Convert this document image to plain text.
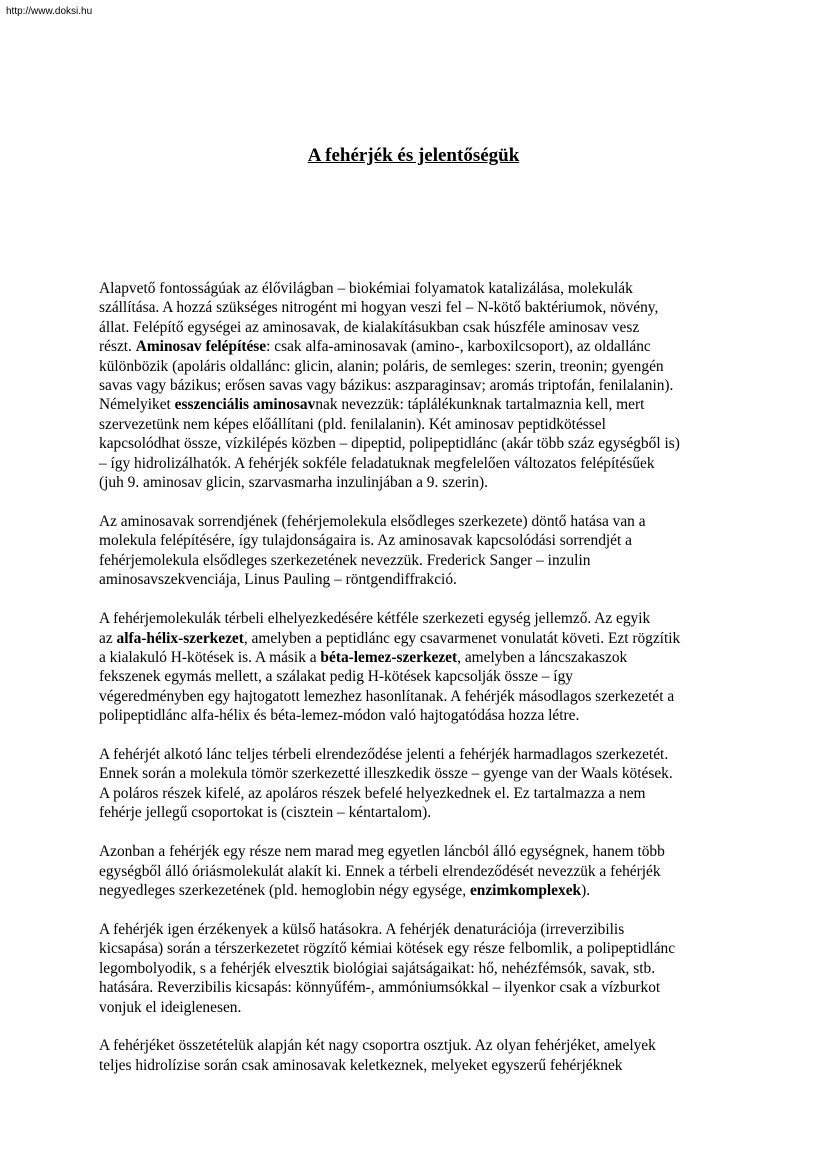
http://www.doksi.hu
A fehérjék és jelentőségük

Alapvető fontosságúak az élővilágban – biokémiai folyamatok katalizálása, molekulák
szállítása. A hozzá szükséges nitrogént mi hogyan veszi fel – N-kötő baktériumok, növény,
állat. Felépítő egységei az aminosavak, de kialakításukban csak húszféle aminosav vesz
részt. Aminosav felépítése: csak alfa-aminosavak (amino-, karboxilcsoport), az oldallánc
különbözik (apoláris oldallánc: glicin, alanin; poláris, de semleges: szerin, treonin; gyengén
savas vagy bázikus; erősen savas vagy bázikus: aszparaginsav; aromás triptofán, fenilalanin).
Némelyiket esszenciális aminosavnak nevezzük: táplálékunknak tartalmaznia kell, mert
szervezetünk nem képes előállítani (pld. fenilalanin). Két aminosav peptidkötéssel
kapcsolódhat össze, vízkilépés közben – dipeptid, polipeptidlánc (akár több száz egységből is)
– így hidrolizálhatók. A fehérjék sokféle feladatuknak megfelelően változatos felépítésűek
(juh 9. aminosav glicin, szarvasmarha inzulinjában a 9. szerin).

Az aminosavak sorrendjének (fehérjemolekula elsődleges szerkezete) döntő hatása van a
molekula felépítésére, így tulajdonságaira is. Az aminosavak kapcsolódási sorrendjét a
fehérjemolekula elsődleges szerkezetének nevezzük. Frederick Sanger – inzulin
aminosavszekvenciája, Linus Pauling – röntgendiffrakció.

A fehérjemolekulák térbeli elhelyezkedésére kétféle szerkezeti egység jellemző. Az egyik
az alfa-hélix-szerkezet, amelyben a peptidlánc egy csavarmenet vonulatát követi. Ezt rögzítik
a kialakuló H-kötések is. A másik a béta-lemez-szerkezet, amelyben a láncszakaszok
fekszenek egymás mellett, a szálakat pedig H-kötések kapcsolják össze – így
végeredményben egy hajtogatott lemezhez hasonlítanak. A fehérjék másodlagos szerkezetét a
polipeptidlánc alfa-hélix és béta-lemez-módon való hajtogatódása hozza létre.

A fehérjét alkotó lánc teljes térbeli elrendeződése jelenti a fehérjék harmadlagos szerkezetét.
Ennek során a molekula tömör szerkezetté illeszkedik össze – gyenge van der Waals kötések.
A poláros részek kifelé, az apoláros részek befelé helyezkednek el. Ez tartalmazza a nem
fehérje jellegű csoportokat is (cisztein – kéntartalom).

Azonban a fehérjék egy része nem marad meg egyetlen láncból álló egységnek, hanem több
egységből álló óriásmolekulát alakít ki. Ennek a térbeli elrendeződését nevezzük a fehérjék
negyedleges szerkezetének (pld. hemoglobin négy egysége, enzimkomplexek).

A fehérjék igen érzékenyek a külső hatásokra. A fehérjék denaturációja (irreverzibilis
kicsapása) során a térszerkezetet rögzítő kémiai kötések egy része felbomlik, a polipeptidlánc
legombolyodik, s a fehérjék elvesztik biológiai sajátságaikat: hő, nehézfémsók, savak, stb.
hatására. Reverzibilis kicsapás: könnyűfém-, ammóniumsókkal – ilyenkor csak a vízburkot
vonjuk el ideiglenesen.

A fehérjéket összetételük alapján két nagy csoportra osztjuk. Az olyan fehérjéket, amelyek
teljes hidrolízise során csak aminosavak keletkeznek, melyeket egyszerű fehérjéknek
